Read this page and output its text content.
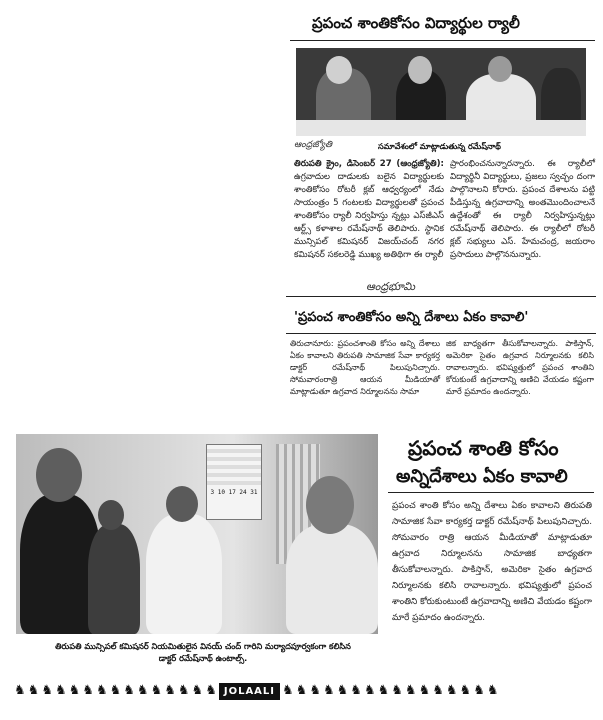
ప్రపంచ శాంతికోసం విద్యార్థుల ర్యాలీ
ఆంధ్రజ్యోతి	సమావేశంలో మాట్లాడుతున్న రమేష్‌నాథ్

తిరుపతి క్రైం, డిసెంబర్ 27 (ఆంధ్రజ్యోతి): ఉగ్రవాదుల దాడులకు బలైన విద్యార్థులకు శాంతికోసం రోటరీ క్లబ్ ఆధ్వర్యంలో నేడు సాయంత్రం 5 గంటలకు విద్యార్థులతో ప్రపంచ శాంతికోసం ర్యాలీ నిర్వహిస్తు న్నట్లు ఎస్‌జీఎస్ ఆర్ట్స్ కళాశాల రమేష్‌నాథ్ తెలిపారు. స్థానిక మున్సిపల్ కమిషనర్ విజయ్‌చంద్ నగర కమిషనర్ సకలరెడ్డి ముఖ్య అతిథిగా ఈ ర్యాలీ

ప్రారంభించనున్నారన్నారు. ఈ ర్యాలీలో విద్యార్థినీ విద్యార్థులు, ప్రజలు స్వచ్ఛం దంగా పాల్గొనాలని కోరారు. ప్రపంచ దేశాలను పట్టి పీడిస్తున్న ఉగ్రవాదాన్ని అంతమొందించాలనే ఉద్దేశంతో ఈ ర్యాలీ నిర్వహిస్తున్నట్లు రమేష్‌నాథ్ తెలిపారు. ఈ ర్యాలీలో రోటరీ క్లబ్ సభ్యులు ఎస్. హేమచంద్ర, జయరాం ప్రసాదులు పాల్గొననున్నారు.

ఆంధ్రభూమి
'ప్రపంచ శాంతికోసం అన్ని దేశాలు ఏకం కావాలి'

తిరుచానూరు: ప్రపంచశాంతి కోసం అన్ని దేశాలు ఏకం కావాలని తిరుపతి సామాజిక సేవా కార్యకర్త డాక్టర్ రమేష్‌నాథ్ పిలుపునిచ్చారు. సోమవారంరాత్రి ఆయన మీడియాతో మాట్లాడుతూ ఉగ్రవాద నిర్మూలనను సామా

జిక బాధ్యతగా తీసుకోవాలన్నారు. పాకిస్తాన్, అమెరికా సైతం ఉగ్రవాద నిర్మూలనకు కలిసి రావాలన్నారు. భవిష్యత్తులో ప్రపంచ శాంతిని కోరుకుంటే ఉగ్రవాదాన్ని అణిచి వేయడం కష్టంగా మారే ప్రమాదం ఉందన్నారు.

3 10 17 24 31
తిరుపతి మున్సిపల్ కమిషనర్ నియమితులైన వినయ్ చంద్ గారిని మర్యాదపూర్వకంగా కలిసిన డాక్టర్ రమేష్‌నాథ్ ఉంటాల్స్.
ప్రపంచ శాంతి కోసం
అన్నిదేశాలు ఏకం కావాలి

ప్రపంచ శాంతి కోసం అన్ని దేశాలు ఏకం కావాలని తిరుపతి సామాజిక సేవా కార్యకర్త డాక్టర్ రమేష్‌నాథ్ పిలుపునిచ్చారు. సోమవారం రాత్రి ఆయన మీడియాతో మాట్లాడుతూ ఉగ్రవాద నిర్మూలనను సామాజిక బాధ్యతగా తీసుకోవాలన్నారు. పాకిస్తాన్, అమెరికా సైతం ఉగ్రవాద నిర్మూలనకు కలిసి రావాలన్నారు. భవిష్యత్తులో ప్రపంచ శాంతిని కోరుకుంటుంటే ఉగ్రవాదాన్ని అణిచి వేయడం కష్టంగా మారే ప్రమాదం ఉందన్నారు.

♞ ♞ ♞ ♞ ♞ ♞ ♞ ♞ ♞ ♞ ♞ ♞ ♞ ♞ ♞ JOLAALI ♞ ♞ ♞ ♞ ♞ ♞ ♞ ♞ ♞ ♞ ♞ ♞ ♞ ♞ ♞ ♞
